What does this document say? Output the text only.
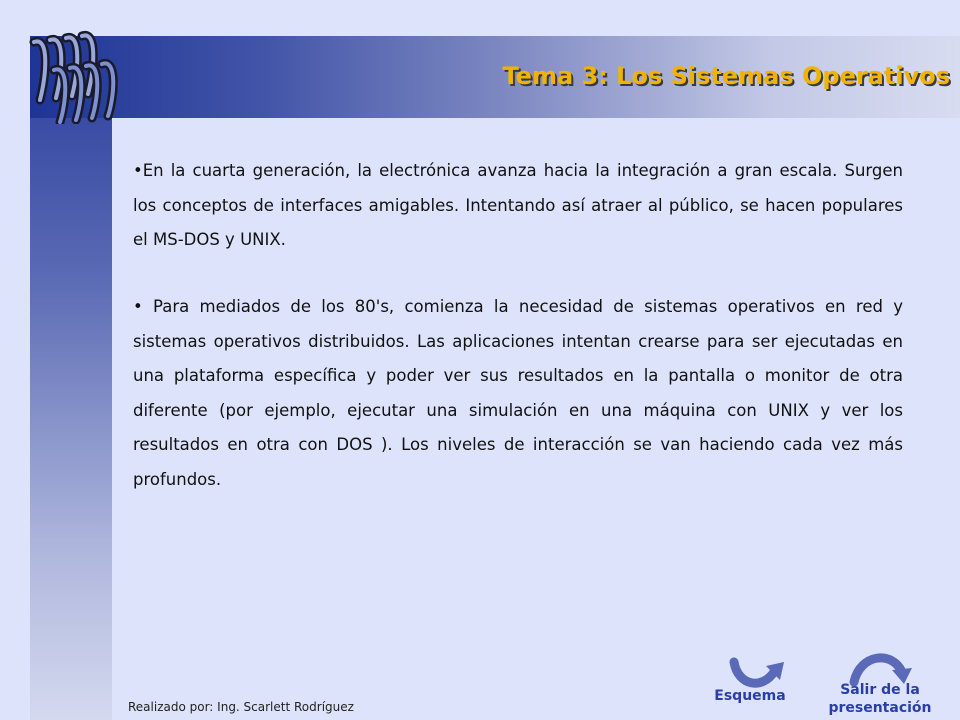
Tema 3: Los Sistemas Operativos

•En la cuarta generación, la electrónica avanza hacia la integración a gran escala. Surgen los conceptos de interfaces amigables. Intentando así atraer al público, se hacen populares el MS-DOS y UNIX.

• Para mediados de los 80's, comienza la necesidad de sistemas operativos en red y sistemas operativos distribuidos. Las aplicaciones intentan crearse para ser ejecutadas en una plataforma específica y poder ver sus resultados en la pantalla o monitor de otra diferente (por ejemplo, ejecutar una simulación en una máquina con UNIX y ver los resultados en otra con DOS ). Los niveles de interacción se van haciendo cada vez más profundos.

Realizado por: Ing. Scarlett Rodríguez
Esquema	Salir de la
presentación
